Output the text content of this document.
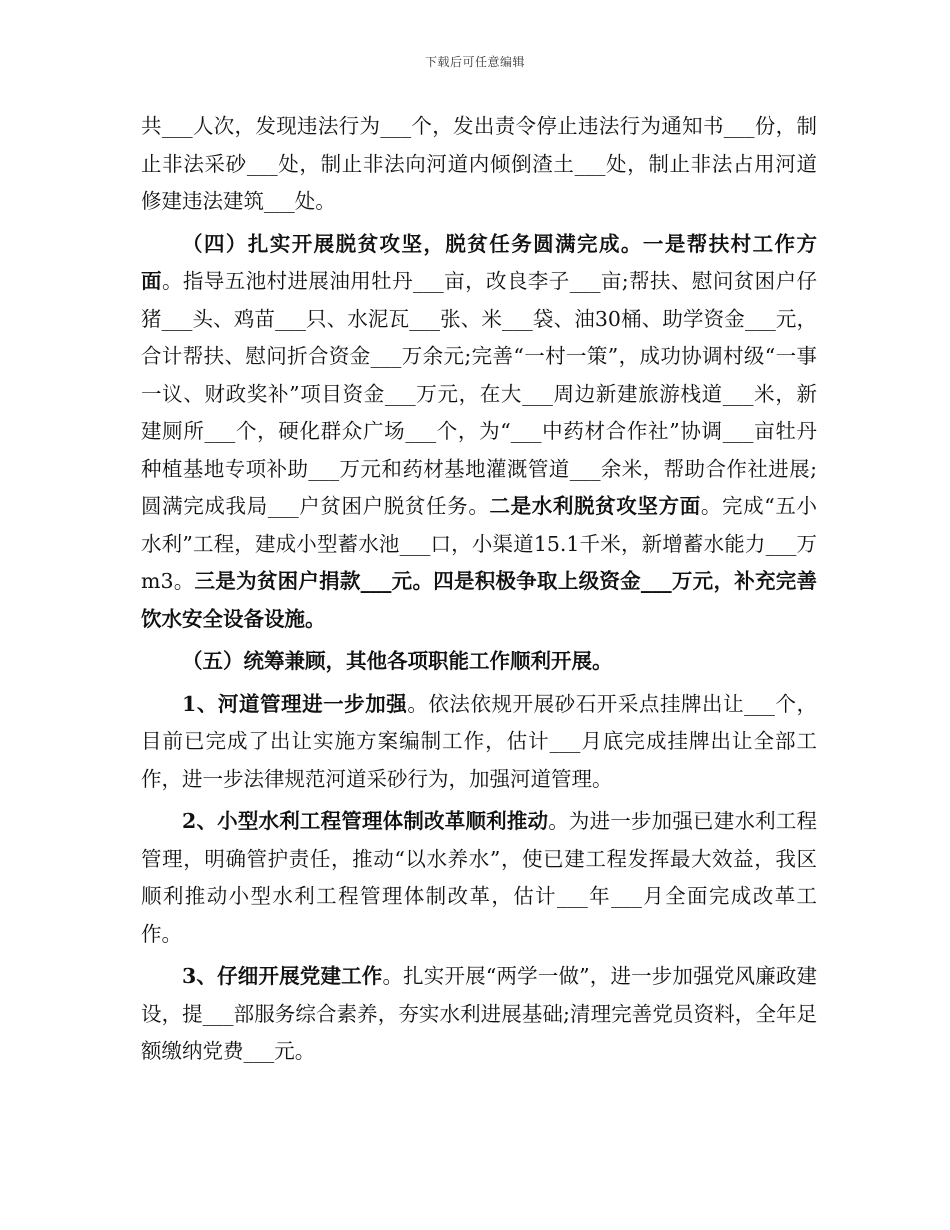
下载后可任意编辑

共___人次，发现违法行为___个，发出责令停止违法行为通知书___份，制止非法采砂___处，制止非法向河道内倾倒渣土___处，制止非法占用河道修建违法建筑___处。

（四）扎实开展脱贫攻坚，脱贫任务圆满完成。一是帮扶村工作方面。指导五池村进展油用牡丹___亩，改良李子___亩;帮扶、慰问贫困户仔猪___头、鸡苗___只、水泥瓦___张、米___袋、油30桶、助学资金___元，合计帮扶、慰问折合资金___万余元;完善“一村一策”，成功协调村级“一事一议、财政奖补”项目资金___万元，在大___周边新建旅游栈道___米，新建厕所___个，硬化群众广场___个，为“___中药材合作社”协调___亩牡丹种植基地专项补助___万元和药材基地灌溉管道___余米，帮助合作社进展;圆满完成我局___户贫困户脱贫任务。二是水利脱贫攻坚方面。完成“五小水利”工程，建成小型蓄水池___口，小渠道15.1千米，新增蓄水能力___万m3。三是为贫困户捐款___元。四是积极争取上级资金___万元，补充完善饮水安全设备设施。

（五）统筹兼顾，其他各项职能工作顺利开展。

1、河道管理进一步加强。依法依规开展砂石开采点挂牌出让___个，目前已完成了出让实施方案编制工作，估计___月底完成挂牌出让全部工作，进一步法律规范河道采砂行为，加强河道管理。

2、小型水利工程管理体制改革顺利推动。为进一步加强已建水利工程管理，明确管护责任，推动“以水养水”，使已建工程发挥最大效益，我区顺利推动小型水利工程管理体制改革，估计___年___月全面完成改革工作。

3、仔细开展党建工作。扎实开展“两学一做”，进一步加强党风廉政建设，提___部服务综合素养，夯实水利进展基础;清理完善党员资料，全年足额缴纳党费___元。
